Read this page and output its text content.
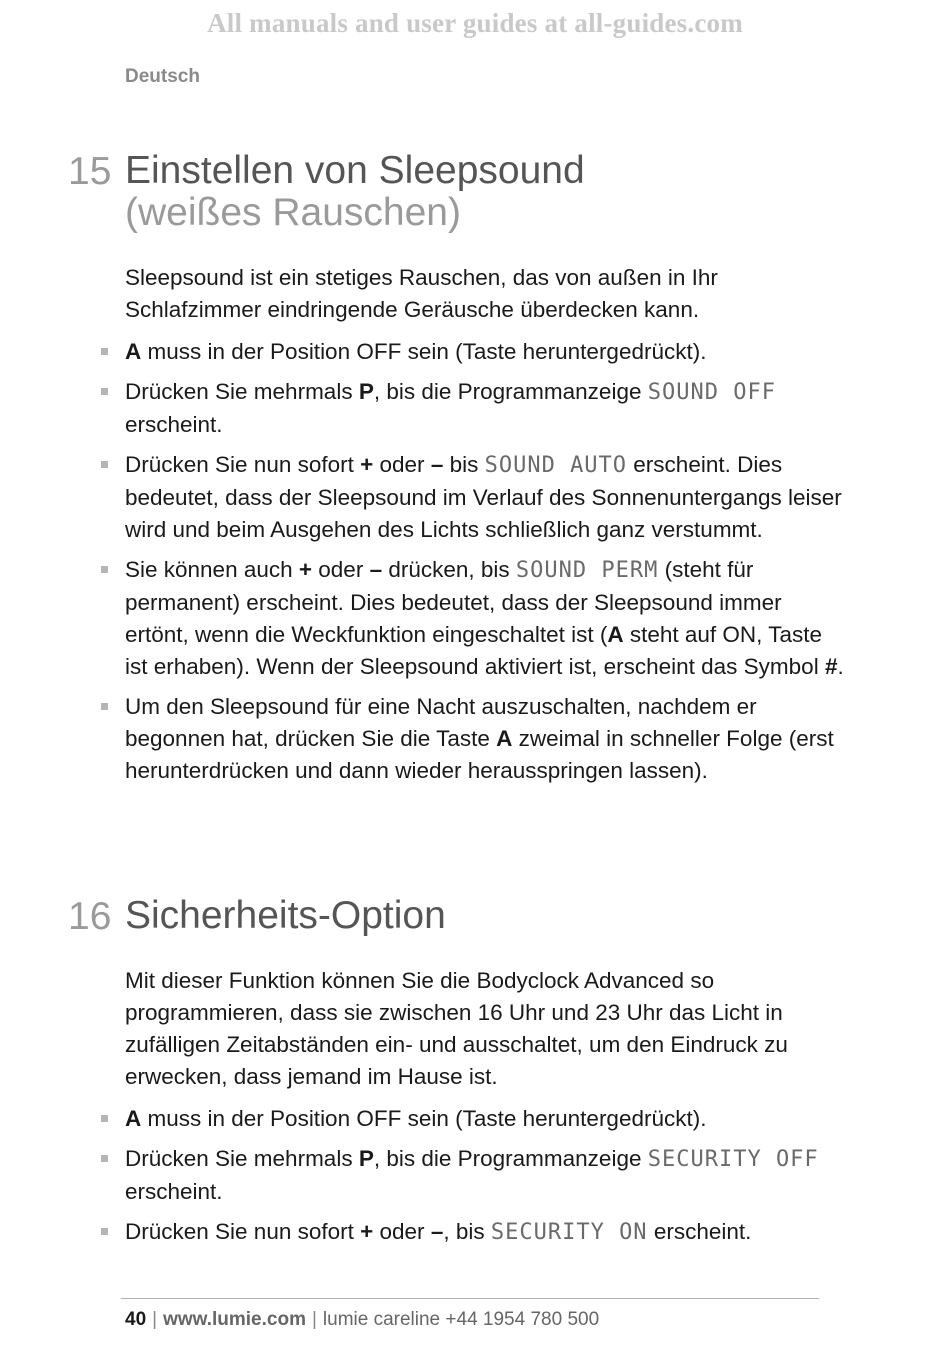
All manuals and user guides at all-guides.com
Deutsch
15 Einstellen von Sleepsound
(weißes Rauschen)
Sleepsound ist ein stetiges Rauschen, das von außen in Ihr Schlafzimmer eindringende Geräusche überdecken kann.
A muss in der Position OFF sein (Taste heruntergedrückt).
Drücken Sie mehrmals P, bis die Programmanzeige SOUND OFF erscheint.
Drücken Sie nun sofort + oder – bis SOUND AUTO erscheint. Dies bedeutet, dass der Sleepsound im Verlauf des Sonnenuntergangs leiser wird und beim Ausgehen des Lichts schließlich ganz verstummt.
Sie können auch + oder – drücken, bis SOUND PERM (steht für permanent) erscheint. Dies bedeutet, dass der Sleepsound immer ertönt, wenn die Weckfunktion eingeschaltet ist (A steht auf ON, Taste ist erhaben). Wenn der Sleepsound aktiviert ist, erscheint das Symbol #.
Um den Sleepsound für eine Nacht auszuschalten, nachdem er begonnen hat, drücken Sie die Taste A zweimal in schneller Folge (erst herunterdrücken und dann wieder herausspringen lassen).
16 Sicherheits-Option
Mit dieser Funktion können Sie die Bodyclock Advanced so programmieren, dass sie zwischen 16 Uhr und 23 Uhr das Licht in zufälligen Zeitabständen ein- und ausschaltet, um den Eindruck zu erwecken, dass jemand im Hause ist.
A muss in der Position OFF sein (Taste heruntergedrückt).
Drücken Sie mehrmals P, bis die Programmanzeige SECURITY OFF erscheint.
Drücken Sie nun sofort + oder –, bis SECURITY ON erscheint.
40 | www.lumie.com | lumie careline +44 1954 780 500
